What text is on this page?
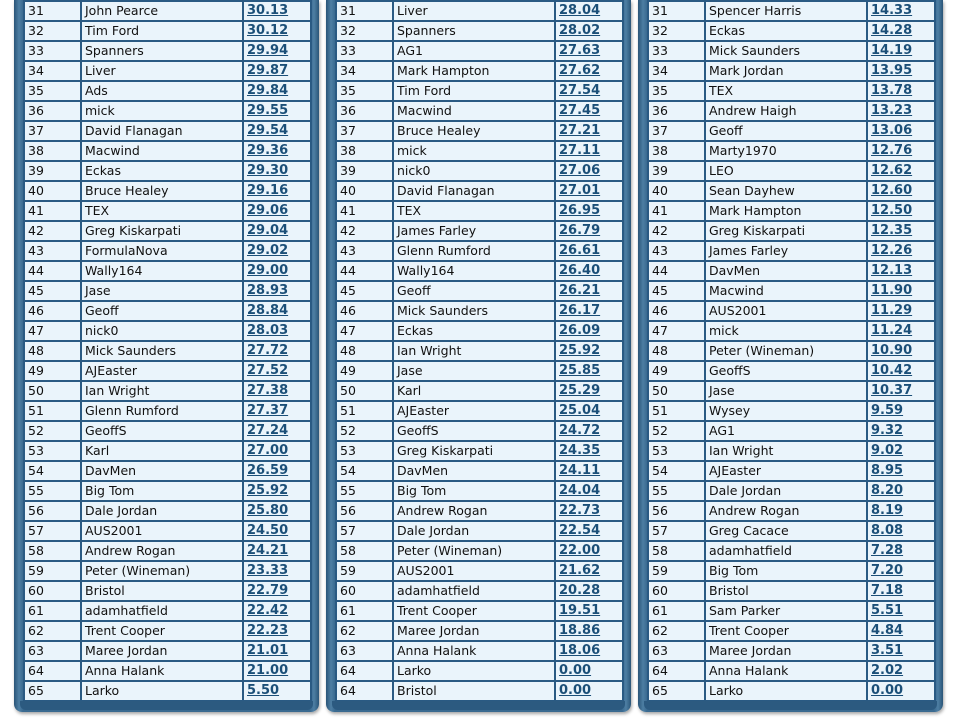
31	John Pearce	30.13
32	Tim Ford	30.12
33	Spanners	29.94
34	Liver	29.87
35	Ads	29.84
36	mick	29.55
37	David Flanagan	29.54
38	Macwind	29.36
39	Eckas	29.30
40	Bruce Healey	29.16
41	TEX	29.06
42	Greg Kiskarpati	29.04
43	FormulaNova	29.02
44	Wally164	29.00
45	Jase	28.93
46	Geoff	28.84
47	nick0	28.03
48	Mick Saunders	27.72
49	AJEaster	27.52
50	Ian Wright	27.38
51	Glenn Rumford	27.37
52	GeoffS	27.24
53	Karl	27.00
54	DavMen	26.59
55	Big Tom	25.92
56	Dale Jordan	25.80
57	AUS2001	24.50
58	Andrew Rogan	24.21
59	Peter (Wineman)	23.33
60	Bristol	22.79
61	adamhatfield	22.42
62	Trent Cooper	22.23
63	Maree Jordan	21.01
64	Anna Halank	21.00
65	Larko	5.50
31	Liver	28.04
32	Spanners	28.02
33	AG1	27.63
34	Mark Hampton	27.62
35	Tim Ford	27.54
36	Macwind	27.45
37	Bruce Healey	27.21
38	mick	27.11
39	nick0	27.06
40	David Flanagan	27.01
41	TEX	26.95
42	James Farley	26.79
43	Glenn Rumford	26.61
44	Wally164	26.40
45	Geoff	26.21
46	Mick Saunders	26.17
47	Eckas	26.09
48	Ian Wright	25.92
49	Jase	25.85
50	Karl	25.29
51	AJEaster	25.04
52	GeoffS	24.72
53	Greg Kiskarpati	24.35
54	DavMen	24.11
55	Big Tom	24.04
56	Andrew Rogan	22.73
57	Dale Jordan	22.54
58	Peter (Wineman)	22.00
59	AUS2001	21.62
60	adamhatfield	20.28
61	Trent Cooper	19.51
62	Maree Jordan	18.86
63	Anna Halank	18.06
64	Larko	0.00
64	Bristol	0.00
31	Spencer Harris	14.33
32	Eckas	14.28
33	Mick Saunders	14.19
34	Mark Jordan	13.95
35	TEX	13.78
36	Andrew Haigh	13.23
37	Geoff	13.06
38	Marty1970	12.76
39	LEO	12.62
40	Sean Dayhew	12.60
41	Mark Hampton	12.50
42	Greg Kiskarpati	12.35
43	James Farley	12.26
44	DavMen	12.13
45	Macwind	11.90
46	AUS2001	11.29
47	mick	11.24
48	Peter (Wineman)	10.90
49	GeoffS	10.42
50	Jase	10.37
51	Wysey	9.59
52	AG1	9.32
53	Ian Wright	9.02
54	AJEaster	8.95
55	Dale Jordan	8.20
56	Andrew Rogan	8.19
57	Greg Cacace	8.08
58	adamhatfield	7.28
59	Big Tom	7.20
60	Bristol	7.18
61	Sam Parker	5.51
62	Trent Cooper	4.84
63	Maree Jordan	3.51
64	Anna Halank	2.02
65	Larko	0.00
